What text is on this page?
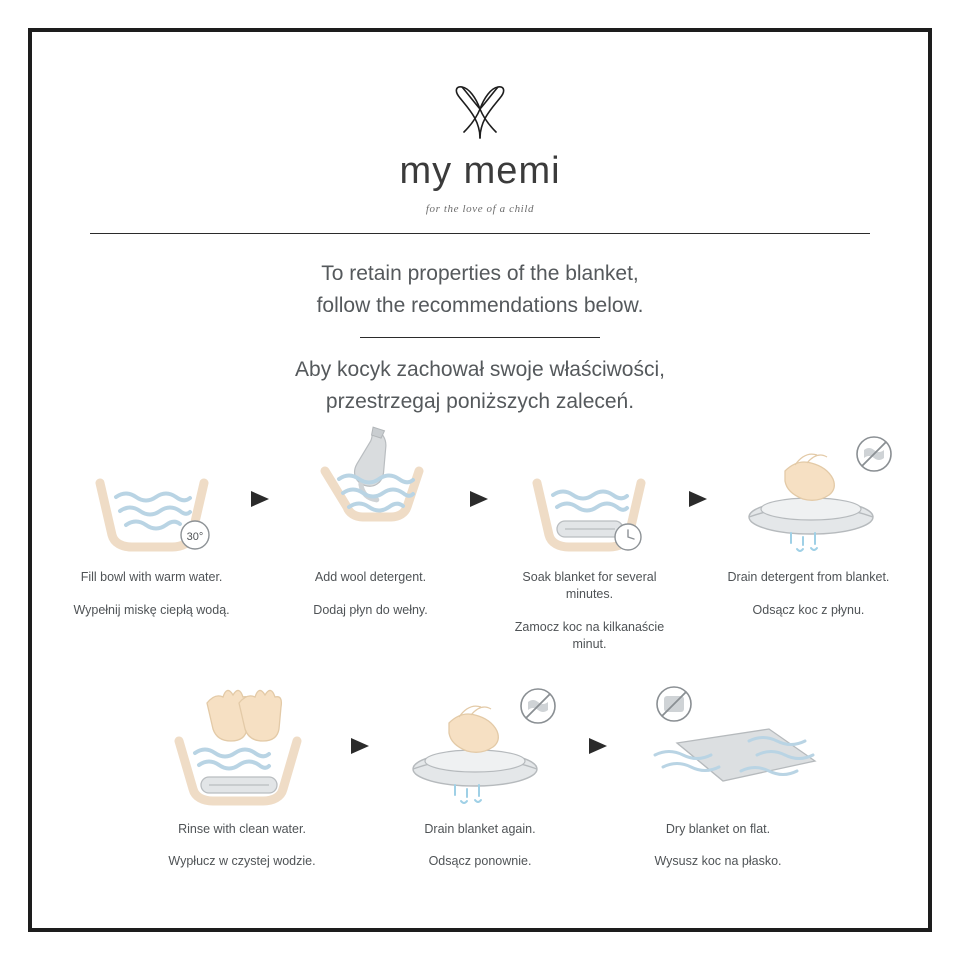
my memi
for the love of a child
To retain properties of the blanket,
follow the recommendations below.
Aby kocyk zachował swoje właściwości,
przestrzegaj poniższych zaleceń.
30°
Fill bowl with warm water.
Wypełnij miskę ciepłą wodą.
Add wool detergent.
Dodaj płyn do wełny.
Soak blanket for several minutes.
Zamocz koc na kilkanaście minut.
Drain detergent from blanket.
Odsącz koc z płynu.
Rinse with clean water.
Wypłucz w czystej wodzie.
Drain blanket again.
Odsącz ponownie.
Dry blanket on flat.
Wysusz koc na płasko.
